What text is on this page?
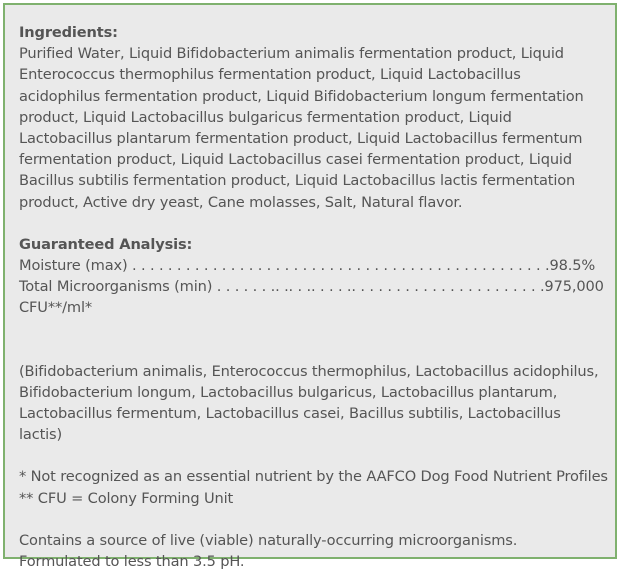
Ingredients:
Purified Water, Liquid Bifidobacterium animalis fermentation product, Liquid Enterococcus thermophilus fermentation product, Liquid Lactobacillus acidophilus fermentation product, Liquid Bifidobacterium longum fermentation product, Liquid Lactobacillus bulgaricus fermentation product, Liquid Lactobacillus plantarum fermentation product, Liquid Lactobacillus fermentum fermentation product, Liquid Lactobacillus casei fermentation product, Liquid Bacillus subtilis fermentation product, Liquid Lactobacillus lactis fermentation product, Active dry yeast, Cane molasses, Salt, Natural flavor.
Guaranteed Analysis:
Moisture (max) . . . . . . . . . . . . . . . . . . . . . . . . . . . . . . . . . . . . . . . . . . . . . . .98.5%
Total Microorganisms (min) . . . . . . .. .. . .. . . . .. . . . . . . . . . . . . . . . . . . . . .975,000
CFU**/ml*
(Bifidobacterium animalis, Enterococcus thermophilus, Lactobacillus acidophilus, Bifidobacterium longum, Lactobacillus bulgaricus, Lactobacillus plantarum, Lactobacillus fermentum, Lactobacillus casei, Bacillus subtilis, Lactobacillus lactis)
* Not recognized as an essential nutrient by the AAFCO Dog Food Nutrient Profiles
** CFU = Colony Forming Unit
Contains a source of live (viable) naturally-occurring microorganisms.
Formulated to less than 3.5 pH.
